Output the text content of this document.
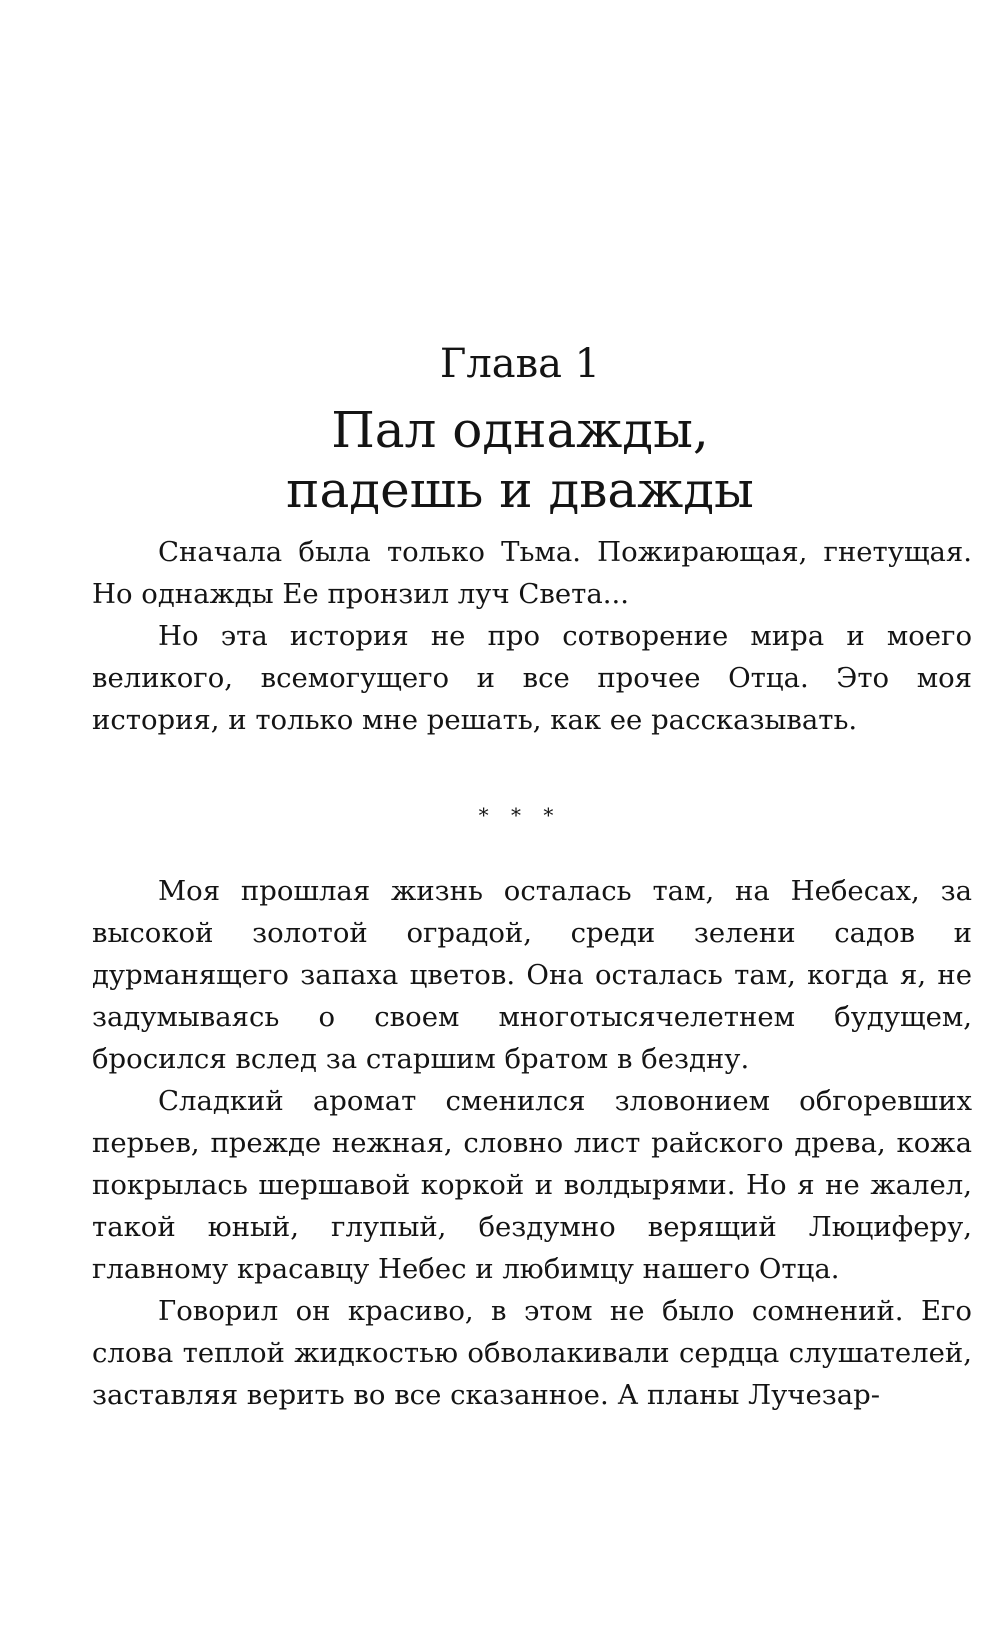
Глава 1
Пал однажды,
падешь и дважды

Сначала была только Тьма. Пожирающая, гнетущая. Но однажды Ее пронзил луч Света...

Но эта история не про сотворение мира и моего великого, всемогущего и все прочее Отца. Это моя история, и только мне решать, как ее рассказывать.

* * *

Моя прошлая жизнь осталась там, на Небесах, за высокой золотой оградой, среди зелени садов и дурманящего запаха цветов. Она осталась там, когда я, не задумываясь о своем многотысячелетнем будущем, бросился вслед за старшим братом в бездну.

Сладкий аромат сменился зловонием обгоревших перьев, прежде нежная, словно лист райского древа, кожа покрылась шершавой коркой и волдырями. Но я не жалел, такой юный, глупый, бездумно верящий Люциферу, главному красавцу Небес и любимцу нашего Отца.

Говорил он красиво, в этом не было сомнений. Его слова теплой жидкостью обволакивали сердца слушателей, заставляя верить во все сказанное. А планы Лучезар-
